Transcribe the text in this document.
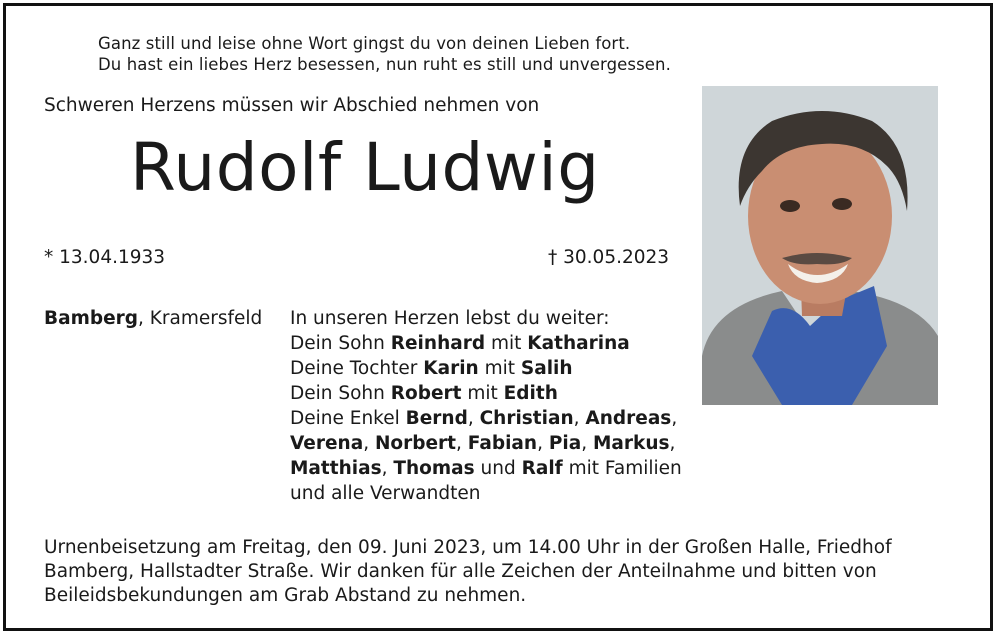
Ganz still und leise ohne Wort gingst du von deinen Lieben fort.
Du hast ein liebes Herz besessen, nun ruht es still und unvergessen.
Schweren Herzens müssen wir Abschied nehmen von
Rudolf Ludwig
* 13.04.1933	† 30.05.2023
Bamberg, Kramersfeld In unseren Herzen lebst du weiter:
Dein Sohn Reinhard mit Katharina
Deine Tochter Karin mit Salih
Dein Sohn Robert mit Edith
Deine Enkel Bernd, Christian, Andreas,
Verena, Norbert, Fabian, Pia, Markus,
Matthias, Thomas und Ralf mit Familien
und alle Verwandten
Urnenbeisetzung am Freitag, den 09. Juni 2023, um 14.00 Uhr in der Großen Halle, Friedhof
Bamberg, Hallstadter Straße. Wir danken für alle Zeichen der Anteilnahme und bitten von
Beileidsbekundungen am Grab Abstand zu nehmen.
